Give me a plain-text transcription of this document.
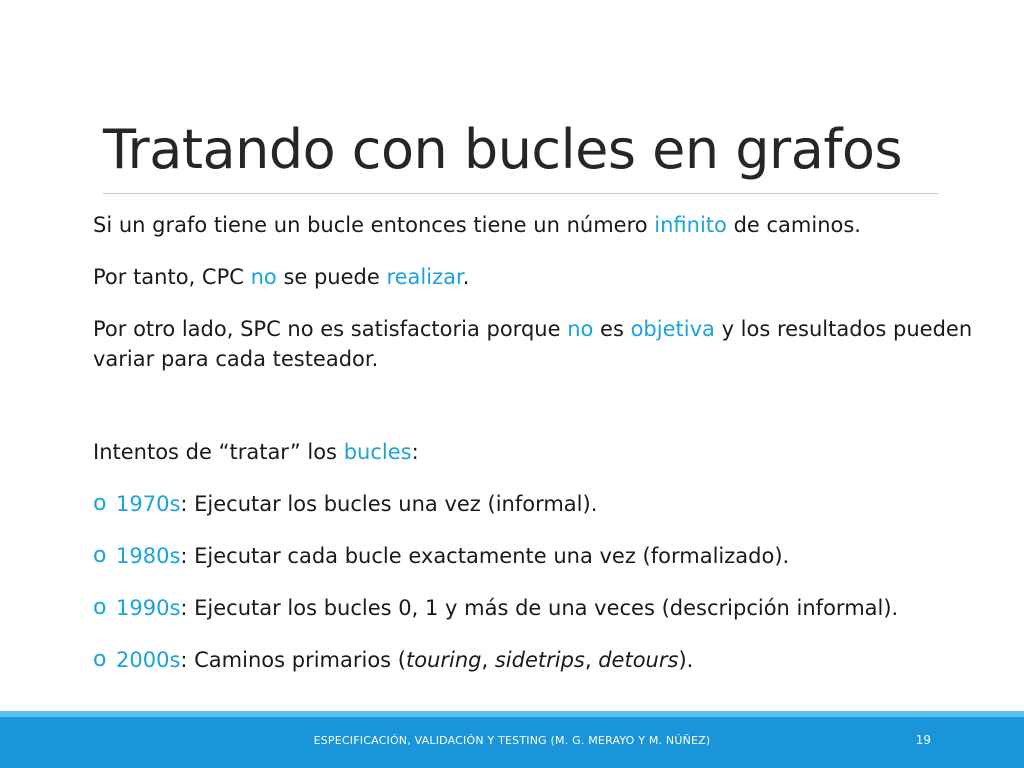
Tratando con bucles en grafos

Si un grafo tiene un bucle entonces tiene un número infinito de caminos.

Por tanto, CPC no se puede realizar.

Por otro lado, SPC no es satisfactoria porque no es objetiva y los resultados pueden variar para cada testeador.

Intentos de “tratar” los bucles:

o 1970s: Ejecutar los bucles una vez (informal).
o 1980s: Ejecutar cada bucle exactamente una vez (formalizado).
o 1990s: Ejecutar los bucles 0, 1 y más de una veces (descripción informal).
o 2000s: Caminos primarios (touring, sidetrips, detours).
ESPECIFICACIÓN, VALIDACIÓN Y TESTING (M. G. MERAYO Y M. NÚÑEZ)	19
